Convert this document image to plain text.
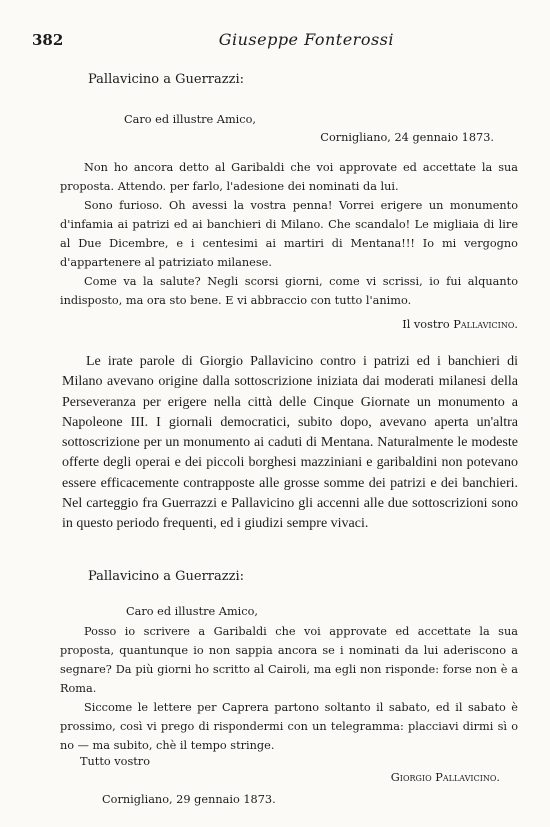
382	Giuseppe Fonterossi
Pallavicino a Guerrazzi:
Caro ed illustre Amico,
Cornigliano, 24 gennaio 1873.
Non ho ancora detto al Garibaldi che voi approvate ed accettate la sua proposta. Attendo. per farlo, l'adesione dei nominati da lui.
Sono furioso. Oh avessi la vostra penna! Vorrei erigere un monumento d'infamia ai patrizi ed ai banchieri di Milano. Che scandalo! Le migliaia di lire al Due Dicembre, e i centesimi ai martiri di Mentana!!! Io mi vergogno d'appartenere al patriziato milanese.
Come va la salute? Negli scorsi giorni, come vi scrissi, io fui alquanto indisposto, ma ora sto bene. E vi abbraccio con tutto l'animo.
Il vostro Pallavicino.
Le irate parole di Giorgio Pallavicino contro i patrizi ed i banchieri di Milano avevano origine dalla sottoscrizione iniziata dai moderati milanesi della Perseveranza per erigere nella città delle Cinque Giornate un monumento a Napoleone III. I giornali democratici, subito dopo, avevano aperta un'altra sottoscrizione per un monumento ai caduti di Mentana. Naturalmente le modeste offerte degli operai e dei piccoli borghesi mazziniani e garibaldini non potevano essere efficacemente contrapposte alle grosse somme dei patrizi e dei banchieri. Nel carteggio fra Guerrazzi e Pallavicino gli accenni alle due sottoscrizioni sono in questo periodo frequenti, ed i giudizi sempre vivaci.
Pallavicino a Guerrazzi:
Caro ed illustre Amico,
Posso io scrivere a Garibaldi che voi approvate ed accettate la sua proposta, quantunque io non sappia ancora se i nominati da lui aderiscono a segnare? Da più giorni ho scritto al Cairoli, ma egli non risponde: forse non è a Roma.
Siccome le lettere per Caprera partono soltanto il sabato, ed il sabato è prossimo, così vi prego di rispondermi con un telegramma: placciavi dirmi sì o no — ma subito, chè il tempo stringe.
Tutto vostro
Giorgio Pallavicino.
Cornigliano, 29 gennaio 1873.
